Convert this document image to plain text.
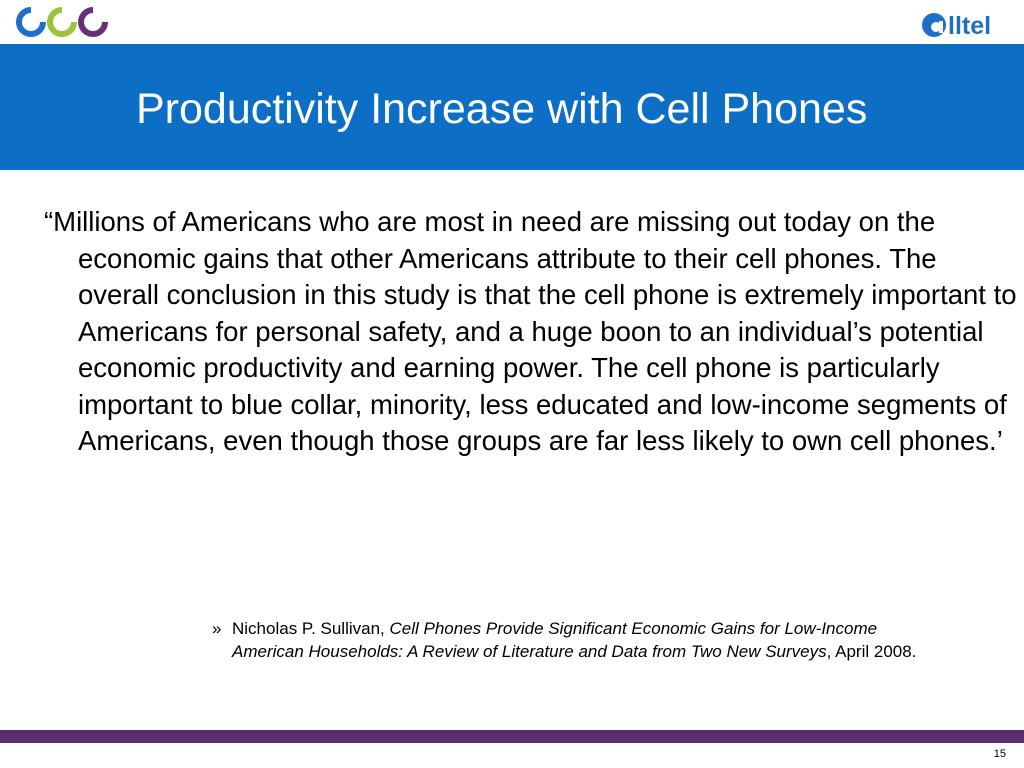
lltel
Productivity Increase with Cell Phones

“Millions of Americans who are most in need are missing out today on the economic gains that other Americans attribute to their cell phones. The overall conclusion in this study is that the cell phone is extremely important to Americans for personal safety, and a huge boon to an individual’s potential economic productivity and earning power. The cell phone is particularly important to blue collar, minority, less educated and low-income segments of Americans, even though those groups are far less likely to own cell phones.’

» Nicholas P. Sullivan, Cell Phones Provide Significant Economic Gains for Low-Income American Households: A Review of Literature and Data from Two New Surveys, April 2008.
15
